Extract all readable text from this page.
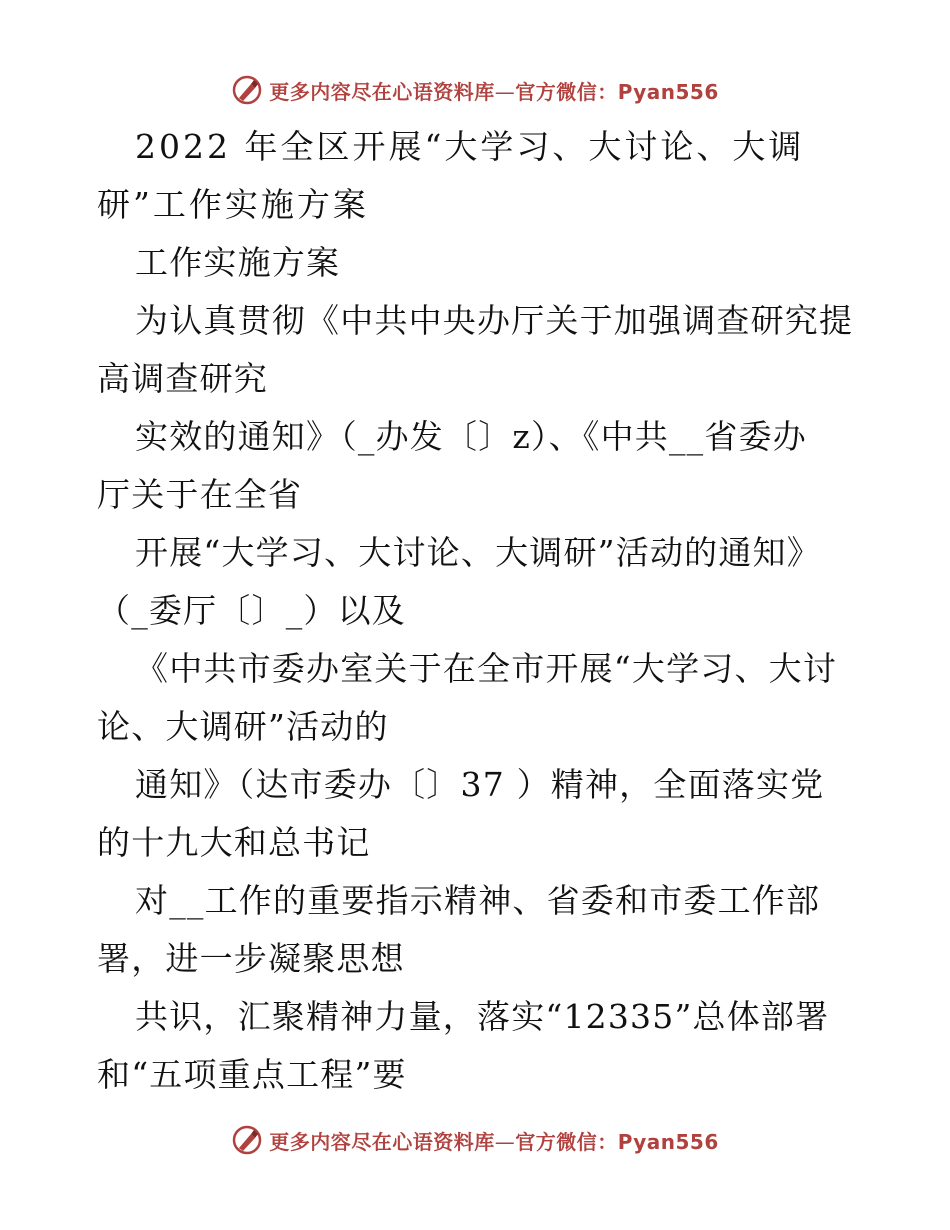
更多内容尽在心语资料库—官方微信：Pyan556
2022 年全区开展“大学习、大讨论、大调
研”工作实施方案
工作实施方案
为认真贯彻《中共中央办厅关于加强调查研究提
高调查研究
实效的通知》（_办发〔〕z）、《中共__省委办
厅关于在全省
开展“大学习、大讨论、大调研”活动的通知》
（_委厅〔〕_）以及
《中共市委办室关于在全市开展“大学习、大讨
论、大调研”活动的
通知》（达市委办〔〕37 ）精神，全面落实党
的十九大和总书记
对__工作的重要指示精神、省委和市委工作部
署，进一步凝聚思想
共识，汇聚精神力量，落实“12335”总体部署
和“五项重点工程”要
更多内容尽在心语资料库—官方微信：Pyan556
